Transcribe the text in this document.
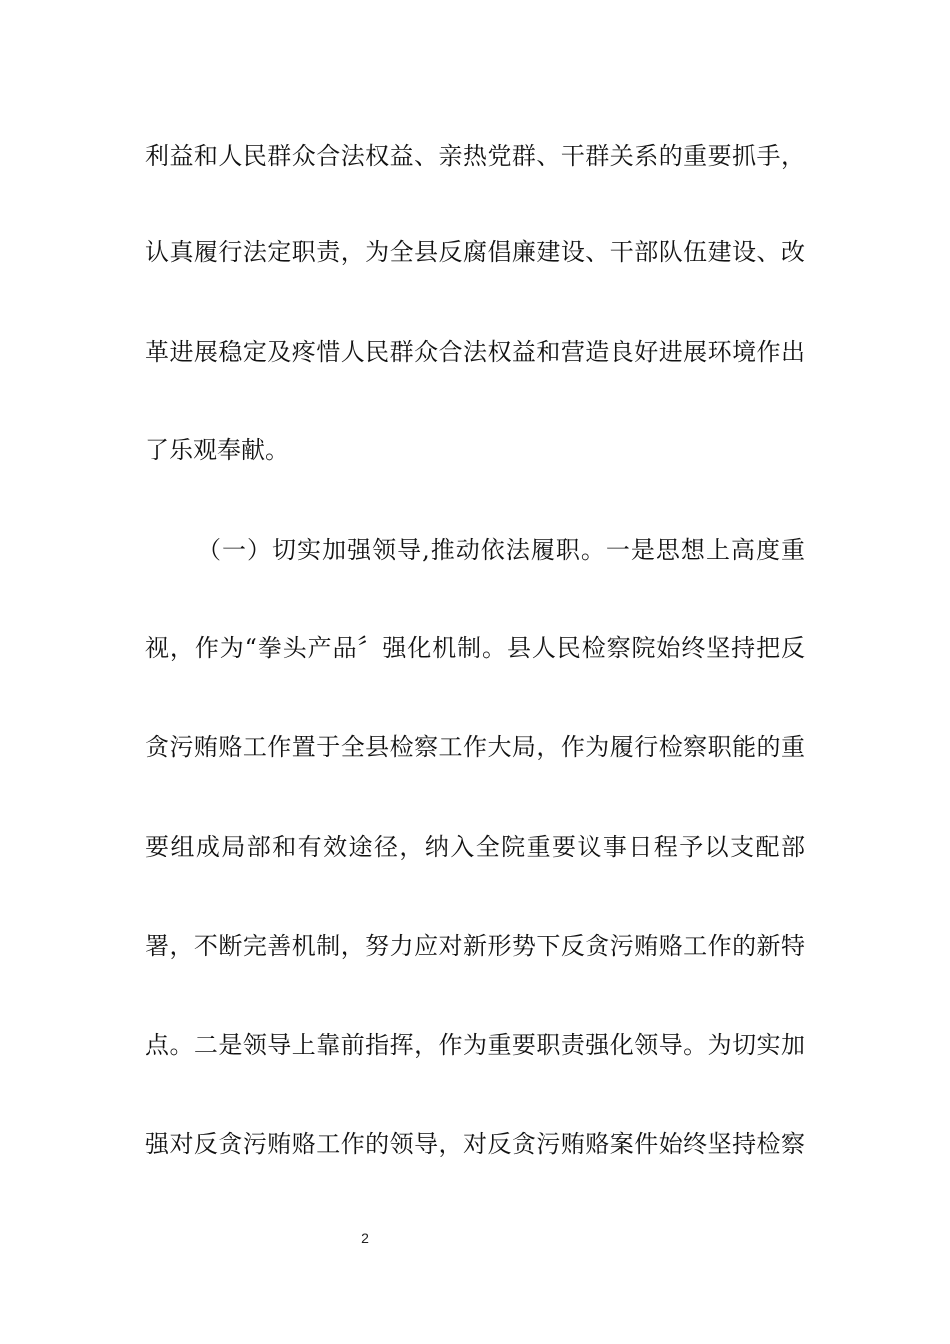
利益和人民群众合法权益、亲热党群、干群关系的重要抓手，
认真履行法定职责，为全县反腐倡廉建设、干部队伍建设、改
革进展稳定及疼惜人民群众合法权益和营造良好进展环境作出
了乐观奉献。
（一）切实加强领导,推动依法履职。一是思想上高度重
视，作为“拳头产品〞强化机制。县人民检察院始终坚持把反
贪污贿赂工作置于全县检察工作大局，作为履行检察职能的重
要组成局部和有效途径，纳入全院重要议事日程予以支配部
署，不断完善机制，努力应对新形势下反贪污贿赂工作的新特
点。二是领导上靠前指挥，作为重要职责强化领导。为切实加
强对反贪污贿赂工作的领导，对反贪污贿赂案件始终坚持检察
2
